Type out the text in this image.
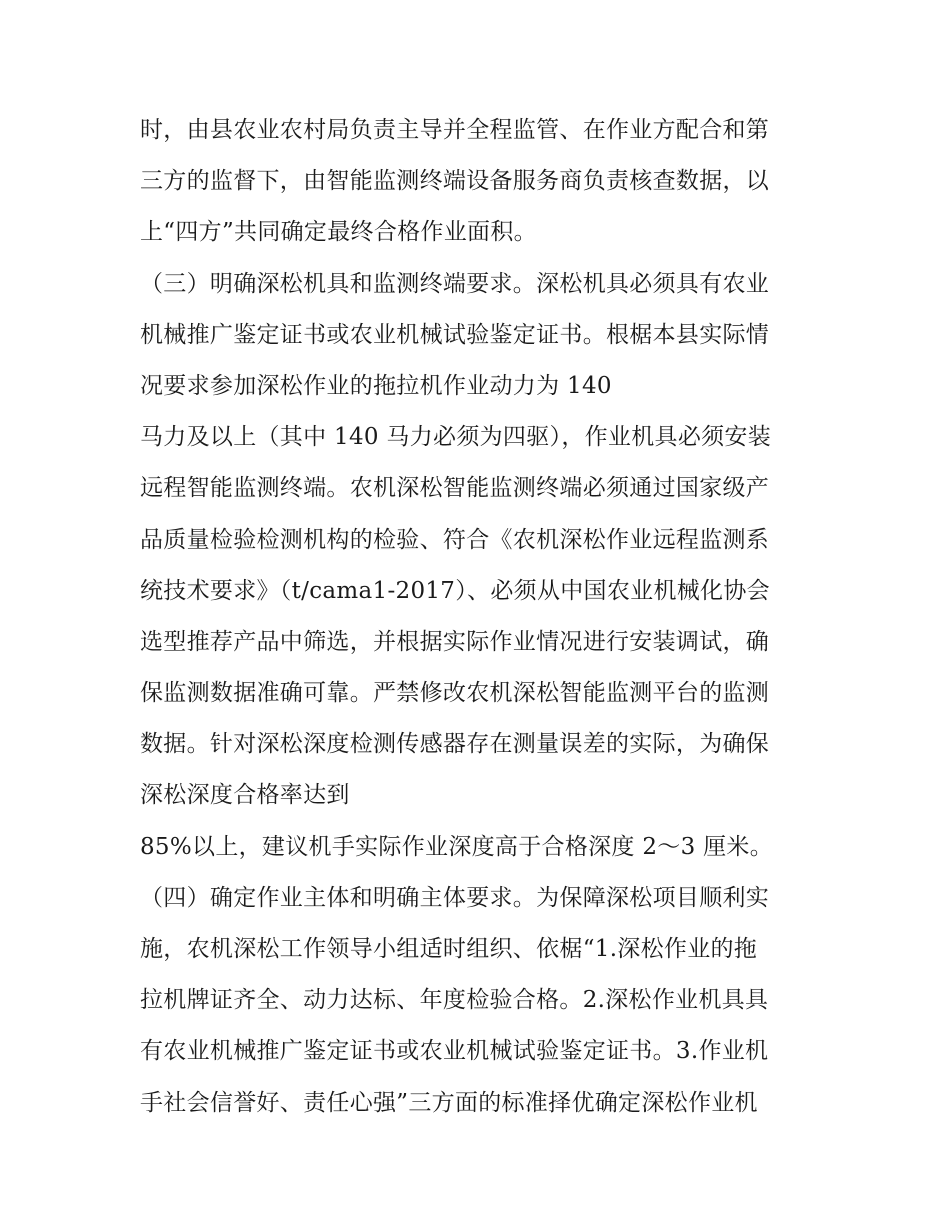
时，由县农业农村局负责主导并全程监管、在作业方配合和第
三方的监督下，由智能监测终端设备服务商负责核查数据，以
上“四方”共同确定最终合格作业面积。
（三）明确深松机具和监测终端要求。深松机具必须具有农业
机械推广鉴定证书或农业机械试验鉴定证书。根椐本县实际情
况要求参加深松作业的拖拉机作业动力为 140
马力及以上（其中 140 马力必须为四驱），作业机具必须安装
远程智能监测终端。农机深松智能监测终端必须通过国家级产
品质量检验检测机构的检验、符合《农机深松作业远程监测系
统技术要求》（t/cama1-2017）、必须从中国农业机械化协会
选型推荐产品中筛选，并根据实际作业情况进行安装调试，确
保监测数据准确可靠。严禁修改农机深松智能监测平台的监测
数据。针对深松深度检测传感器存在测量误差的实际，为确保
深松深度合格率达到
85%以上，建议机手实际作业深度高于合格深度 2～3 厘米。
（四）确定作业主体和明确主体要求。为保障深松项目顺利实
施，农机深松工作领导小组适时组织、依椐“1.深松作业的拖
拉机牌证齐全、动力达标、年度检验合格。2.深松作业机具具
有农业机械推广鉴定证书或农业机械试验鉴定证书。3.作业机
手社会信誉好、责任心强”三方面的标准择优确定深松作业机
